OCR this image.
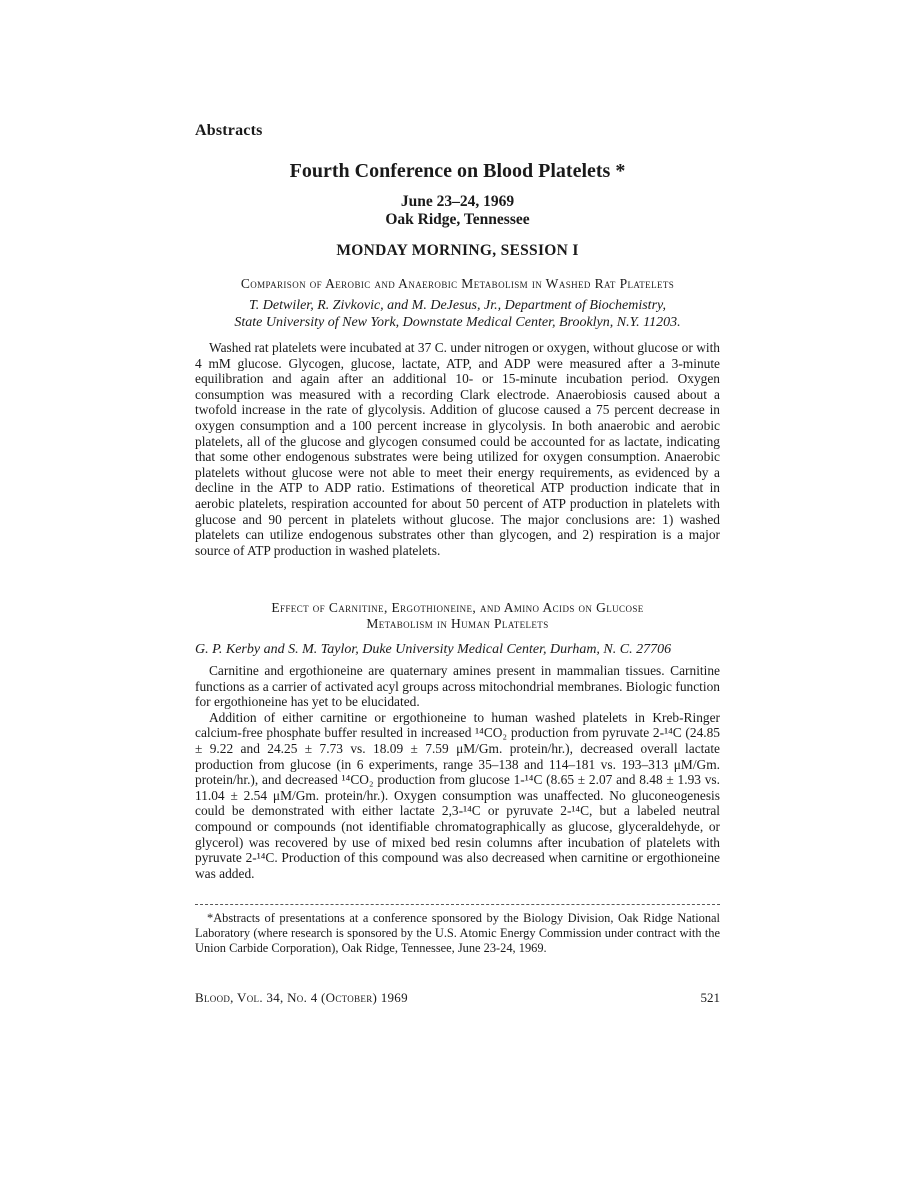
Abstracts
Fourth Conference on Blood Platelets *
June 23–24, 1969
Oak Ridge, Tennessee
MONDAY MORNING, SESSION I
Comparison of Aerobic and Anaerobic Metabolism in Washed Rat Platelets
T. Detwiler, R. Zivkovic, and M. DeJesus, Jr., Department of Biochemistry,
State University of New York, Downstate Medical Center, Brooklyn, N.Y. 11203.

Washed rat platelets were incubated at 37 C. under nitrogen or oxygen, without glucose or with 4 mM glucose. Glycogen, glucose, lactate, ATP, and ADP were measured after a 3-minute equilibration and again after an additional 10- or 15-minute incubation period. Oxygen consumption was measured with a recording Clark electrode. Anaerobiosis caused about a twofold increase in the rate of glycolysis. Addition of glucose caused a 75 percent decrease in oxygen consumption and a 100 percent increase in glycolysis. In both anaerobic and aerobic platelets, all of the glucose and glycogen consumed could be accounted for as lactate, indicating that some other endogenous substrates were being utilized for oxygen consumption. Anaerobic platelets without glucose were not able to meet their energy requirements, as evidenced by a decline in the ATP to ADP ratio. Estimations of theoretical ATP production indicate that in aerobic platelets, respiration accounted for about 50 percent of ATP production in platelets with glucose and 90 percent in platelets without glucose. The major conclusions are: 1) washed platelets can utilize endogenous substrates other than glycogen, and 2) respiration is a major source of ATP production in washed platelets.

Effect of Carnitine, Ergothioneine, and Amino Acids on Glucose
Metabolism in Human Platelets
G. P. Kerby and S. M. Taylor, Duke University Medical Center, Durham, N. C. 27706

Carnitine and ergothioneine are quaternary amines present in mammalian tissues. Carnitine functions as a carrier of activated acyl groups across mitochondrial membranes. Biologic function for ergothioneine has yet to be elucidated.

Addition of either carnitine or ergothioneine to human washed platelets in Kreb-Ringer calcium-free phosphate buffer resulted in increased ¹⁴CO₂ production from pyruvate 2-¹⁴C (24.85 ± 9.22 and 24.25 ± 7.73 vs. 18.09 ± 7.59 μM/Gm. protein/hr.), decreased overall lactate production from glucose (in 6 experiments, range 35–138 and 114–181 vs. 193–313 μM/Gm. protein/hr.), and decreased ¹⁴CO₂ production from glucose 1-¹⁴C (8.65 ± 2.07 and 8.48 ± 1.93 vs. 11.04 ± 2.54 μM/Gm. protein/hr.). Oxygen consumption was unaffected. No gluconeogenesis could be demonstrated with either lactate 2,3-¹⁴C or pyruvate 2-¹⁴C, but a labeled neutral compound or compounds (not identifiable chromatographically as glucose, glyceraldehyde, or glycerol) was recovered by use of mixed bed resin columns after incubation of platelets with pyruvate 2-¹⁴C. Production of this compound was also decreased when carnitine or ergothioneine was added.

*Abstracts of presentations at a conference sponsored by the Biology Division, Oak Ridge National Laboratory (where research is sponsored by the U.S. Atomic Energy Commission under contract with the Union Carbide Corporation), Oak Ridge, Tennessee, June 23-24, 1969.

Blood, Vol. 34, No. 4 (October) 1969	521
